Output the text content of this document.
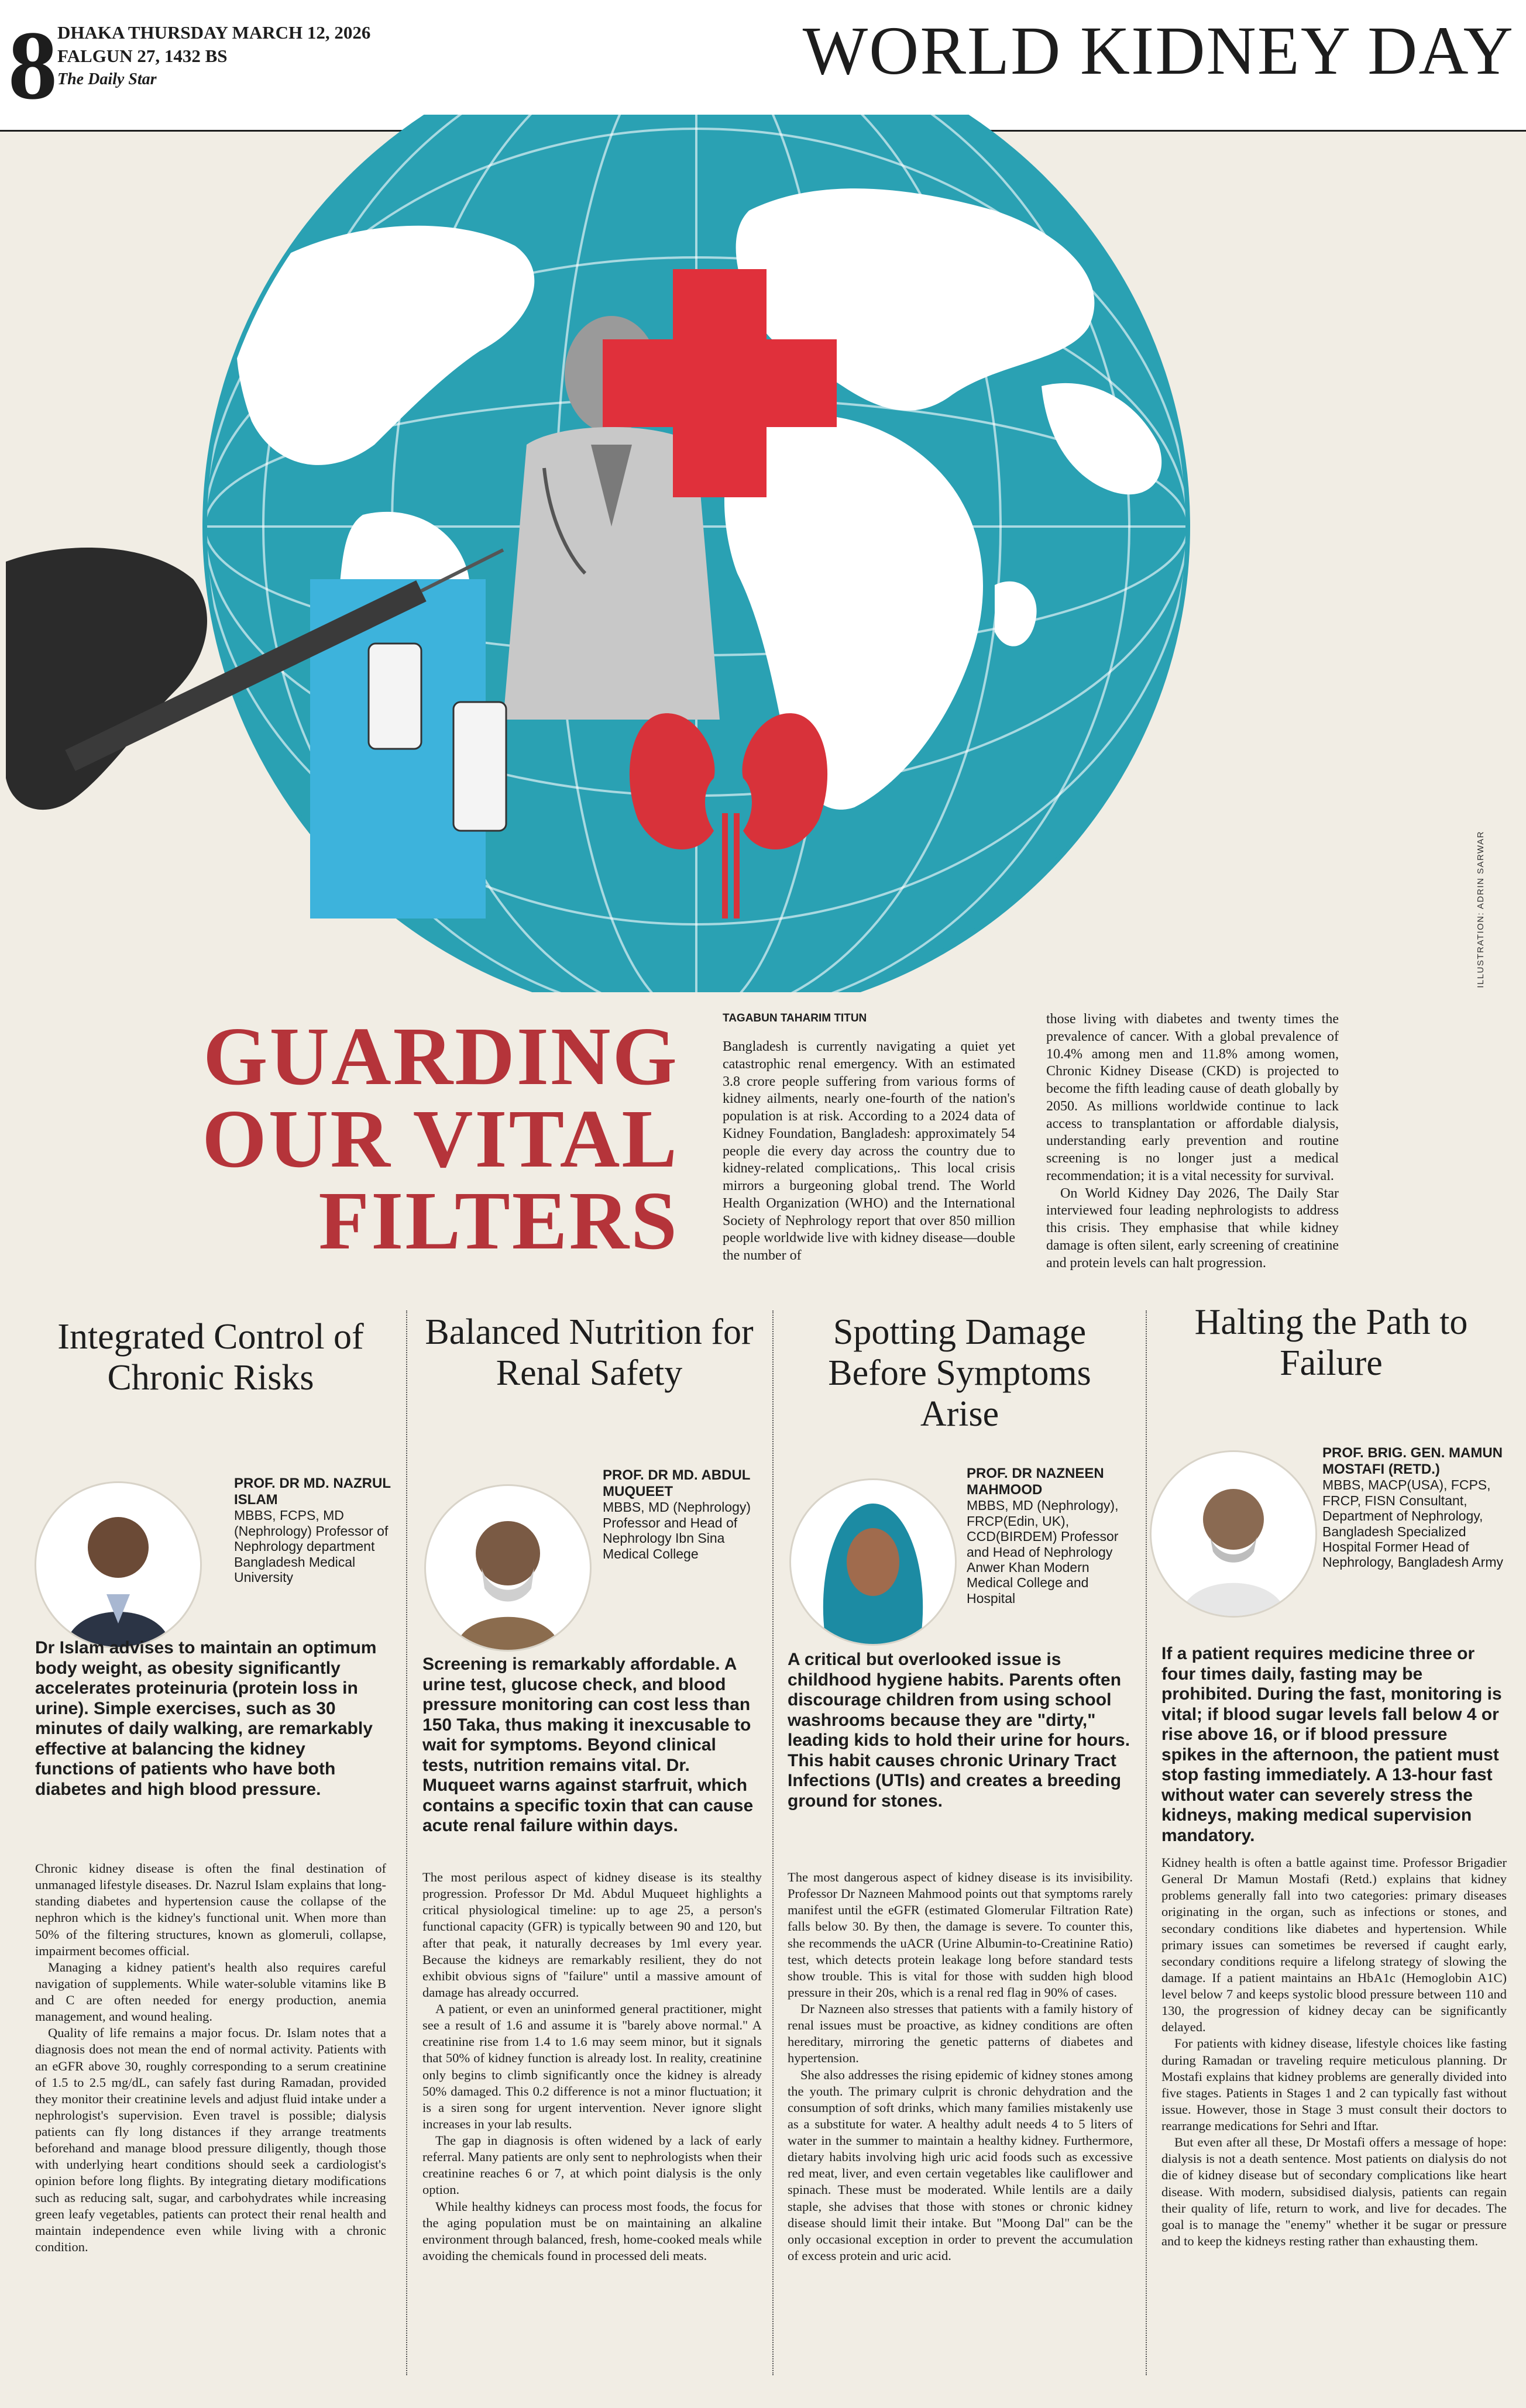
8 DHAKA THURSDAY MARCH 12, 2026
FALGUN 27, 1432 BS
The Daily Star	WORLD KIDNEY DAY
ILLUSTRATION: ADRIN SARWAR
GUARDING
OUR VITAL
FILTERS
TAGABUN TAHARIM TITUN

Bangladesh is currently navigating a quiet yet catastrophic renal emergency. With an estimated 3.8 crore people suffering from various forms of kidney ailments, nearly one-fourth of the nation's population is at risk. According to a 2024 data of Kidney Foundation, Bangladesh: approximately 54 people die every day across the country due to kidney-related complications,. This local crisis mirrors a burgeoning global trend. The World Health Organization (WHO) and the International Society of Nephrology report that over 850 million people worldwide live with kidney disease—double the number of

those living with diabetes and twenty times the prevalence of cancer. With a global prevalence of 10.4% among men and 11.8% among women, Chronic Kidney Disease (CKD) is projected to become the fifth leading cause of death globally by 2050. As millions worldwide continue to lack access to transplantation or affordable dialysis, understanding early prevention and routine screening is no longer just a medical recommendation; it is a vital necessity for survival.

On World Kidney Day 2026, The Daily Star interviewed four leading nephrologists to address this crisis. They emphasise that while kidney damage is often silent, early screening of creatinine and protein levels can halt progression.

Integrated Control of Chronic Risks
PROF. DR MD. NAZRUL ISLAM
MBBS, FCPS, MD (Nephrology) Professor of Nephrology department Bangladesh Medical University
Dr Islam advises to maintain an optimum body weight, as obesity significantly accelerates proteinuria (protein loss in urine). Simple exercises, such as 30 minutes of daily walking, are remarkably effective at balancing the kidney functions of patients who have both diabetes and high blood pressure.

Chronic kidney disease is often the final destination of unmanaged lifestyle diseases. Dr. Nazrul Islam explains that long-standing diabetes and hypertension cause the collapse of the nephron which is the kidney's functional unit. When more than 50% of the filtering structures, known as glomeruli, collapse, impairment becomes official.

Managing a kidney patient's health also requires careful navigation of supplements. While water-soluble vitamins like B and C are often needed for energy production, anemia management, and wound healing.

Quality of life remains a major focus. Dr. Islam notes that a diagnosis does not mean the end of normal activity. Patients with an eGFR above 30, roughly corresponding to a serum creatinine of 1.5 to 2.5 mg/dL, can safely fast during Ramadan, provided they monitor their creatinine levels and adjust fluid intake under a nephrologist's supervision. Even travel is possible; dialysis patients can fly long distances if they arrange treatments beforehand and manage blood pressure diligently, though those with underlying heart conditions should seek a cardiologist's opinion before long flights. By integrating dietary modifications such as reducing salt, sugar, and carbohydrates while increasing green leafy vegetables, patients can protect their renal health and maintain independence even while living with a chronic condition.

Balanced Nutrition for Renal Safety
PROF. DR MD. ABDUL MUQUEET
MBBS, MD (Nephrology) Professor and Head of Nephrology Ibn Sina Medical College
Screening is remarkably affordable. A urine test, glucose check, and blood pressure monitoring can cost less than 150 Taka, thus making it inexcusable to wait for symptoms. Beyond clinical tests, nutrition remains vital. Dr. Muqueet warns against starfruit, which contains a specific toxin that can cause acute renal failure within days.

The most perilous aspect of kidney disease is its stealthy progression. Professor Dr Md. Abdul Muqueet highlights a critical physiological timeline: up to age 25, a person's functional capacity (GFR) is typically between 90 and 120, but after that peak, it naturally decreases by 1ml every year. Because the kidneys are remarkably resilient, they do not exhibit obvious signs of "failure" until a massive amount of damage has already occurred.

A patient, or even an uninformed general practitioner, might see a result of 1.6 and assume it is "barely above normal." A creatinine rise from 1.4 to 1.6 may seem minor, but it signals that 50% of kidney function is already lost. In reality, creatinine only begins to climb significantly once the kidney is already 50% damaged. This 0.2 difference is not a minor fluctuation; it is a siren song for urgent intervention. Never ignore slight increases in your lab results.

The gap in diagnosis is often widened by a lack of early referral. Many patients are only sent to nephrologists when their creatinine reaches 6 or 7, at which point dialysis is the only option.

While healthy kidneys can process most foods, the focus for the aging population must be on maintaining an alkaline environment through balanced, fresh, home-cooked meals while avoiding the chemicals found in processed deli meats.

Spotting Damage Before Symptoms Arise
PROF. DR NAZNEEN MAHMOOD
MBBS, MD (Nephrology), FRCP(Edin, UK), CCD(BIRDEM) Professor and Head of Nephrology Anwer Khan Modern Medical College and Hospital
A critical but overlooked issue is childhood hygiene habits. Parents often discourage children from using school washrooms because they are "dirty," leading kids to hold their urine for hours. This habit causes chronic Urinary Tract Infections (UTIs) and creates a breeding ground for stones.

The most dangerous aspect of kidney disease is its invisibility. Professor Dr Nazneen Mahmood points out that symptoms rarely manifest until the eGFR (estimated Glomerular Filtration Rate) falls below 30. By then, the damage is severe. To counter this, she recommends the uACR (Urine Albumin-to-Creatinine Ratio) test, which detects protein leakage long before standard tests show trouble. This is vital for those with sudden high blood pressure in their 20s, which is a renal red flag in 90% of cases.

Dr Nazneen also stresses that patients with a family history of renal issues must be proactive, as kidney conditions are often hereditary, mirroring the genetic patterns of diabetes and hypertension.

She also addresses the rising epidemic of kidney stones among the youth. The primary culprit is chronic dehydration and the consumption of soft drinks, which many families mistakenly use as a substitute for water. A healthy adult needs 4 to 5 liters of water in the summer to maintain a healthy kidney. Furthermore, dietary habits involving high uric acid foods such as excessive red meat, liver, and even certain vegetables like cauliflower and spinach. These must be moderated. While lentils are a daily staple, she advises that those with stones or chronic kidney disease should limit their intake. But "Moong Dal" can be the only occasional exception in order to prevent the accumulation of excess protein and uric acid.

Halting the Path to Failure
PROF. BRIG. GEN. MAMUN MOSTAFI (RETD.)
MBBS, MACP(USA), FCPS, FRCP, FISN Consultant, Department of Nephrology, Bangladesh Specialized Hospital Former Head of Nephrology, Bangladesh Army
If a patient requires medicine three or four times daily, fasting may be prohibited. During the fast, monitoring is vital; if blood sugar levels fall below 4 or rise above 16, or if blood pressure spikes in the afternoon, the patient must stop fasting immediately. A 13-hour fast without water can severely stress the kidneys, making medical supervision mandatory.

Kidney health is often a battle against time. Professor Brigadier General Dr Mamun Mostafi (Retd.) explains that kidney problems generally fall into two categories: primary diseases originating in the organ, such as infections or stones, and secondary conditions like diabetes and hypertension. While primary issues can sometimes be reversed if caught early, secondary conditions require a lifelong strategy of slowing the damage. If a patient maintains an HbA1c (Hemoglobin A1C) level below 7 and keeps systolic blood pressure between 110 and 130, the progression of kidney decay can be significantly delayed.

For patients with kidney disease, lifestyle choices like fasting during Ramadan or traveling require meticulous planning. Dr Mostafi explains that kidney problems are generally divided into five stages. Patients in Stages 1 and 2 can typically fast without issue. However, those in Stage 3 must consult their doctors to rearrange medications for Sehri and Iftar.

But even after all these, Dr Mostafi offers a message of hope: dialysis is not a death sentence. Most patients on dialysis do not die of kidney disease but of secondary complications like heart disease. With modern, subsidised dialysis, patients can regain their quality of life, return to work, and live for decades. The goal is to manage the "enemy" whether it be sugar or pressure and to keep the kidneys resting rather than exhausting them.
